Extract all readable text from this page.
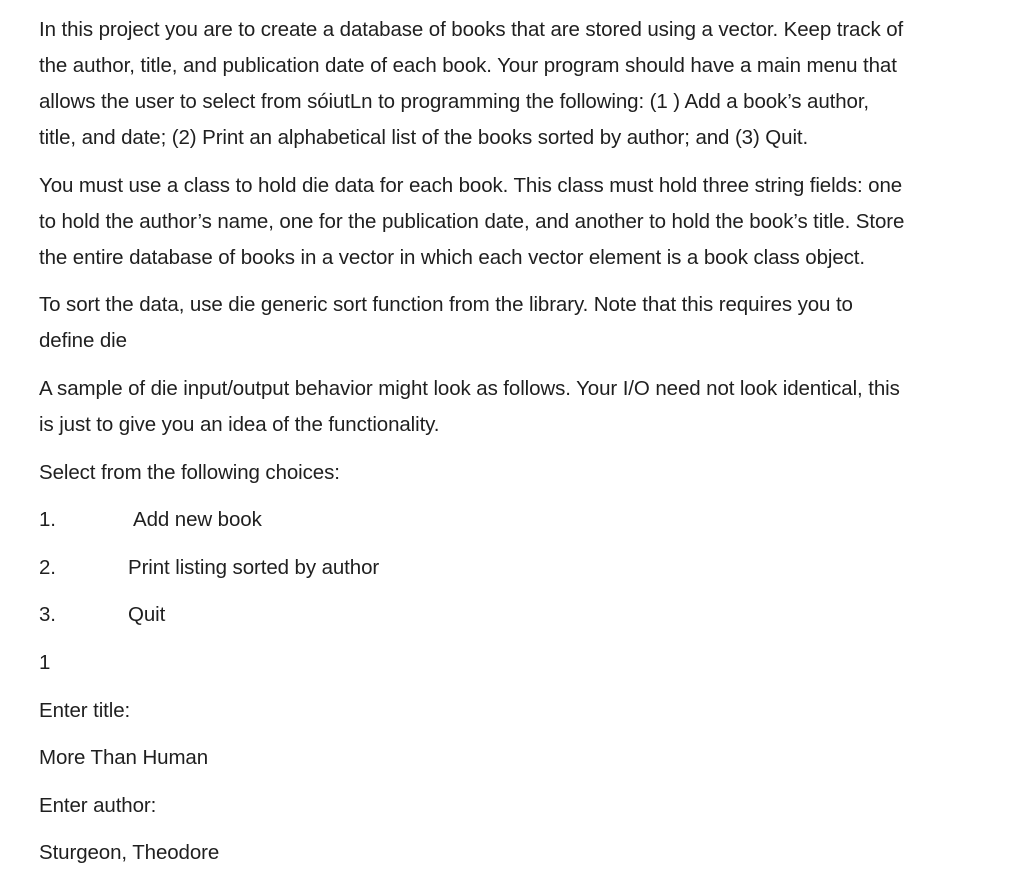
In this project you are to create a database of books that are stored using a vector. Keep track of
the author, title, and publication date of each book. Your program should have a main menu that
allows the user to select from sóiutLn to programming the following: (1 ) Add a book’s author,
title, and date; (2) Print an alphabetical list of the books sorted by author; and (3) Quit.

You must use a class to hold die data for each book. This class must hold three string fields: one
to hold the author’s name, one for the publication date, and another to hold the book’s title. Store
the entire database of books in a vector in which each vector element is a book class object.

To sort the data, use die generic sort function from the library. Note that this requires you to
define die

A sample of die input/output behavior might look as follows. Your I/O need not look identical, this
is just to give you an idea of the functionality.

Select from the following choices:
1.	Add new book
2.	Print listing sorted by author
3.	Quit
1
Enter title:
More Than Human
Enter author:
Sturgeon, Theodore
